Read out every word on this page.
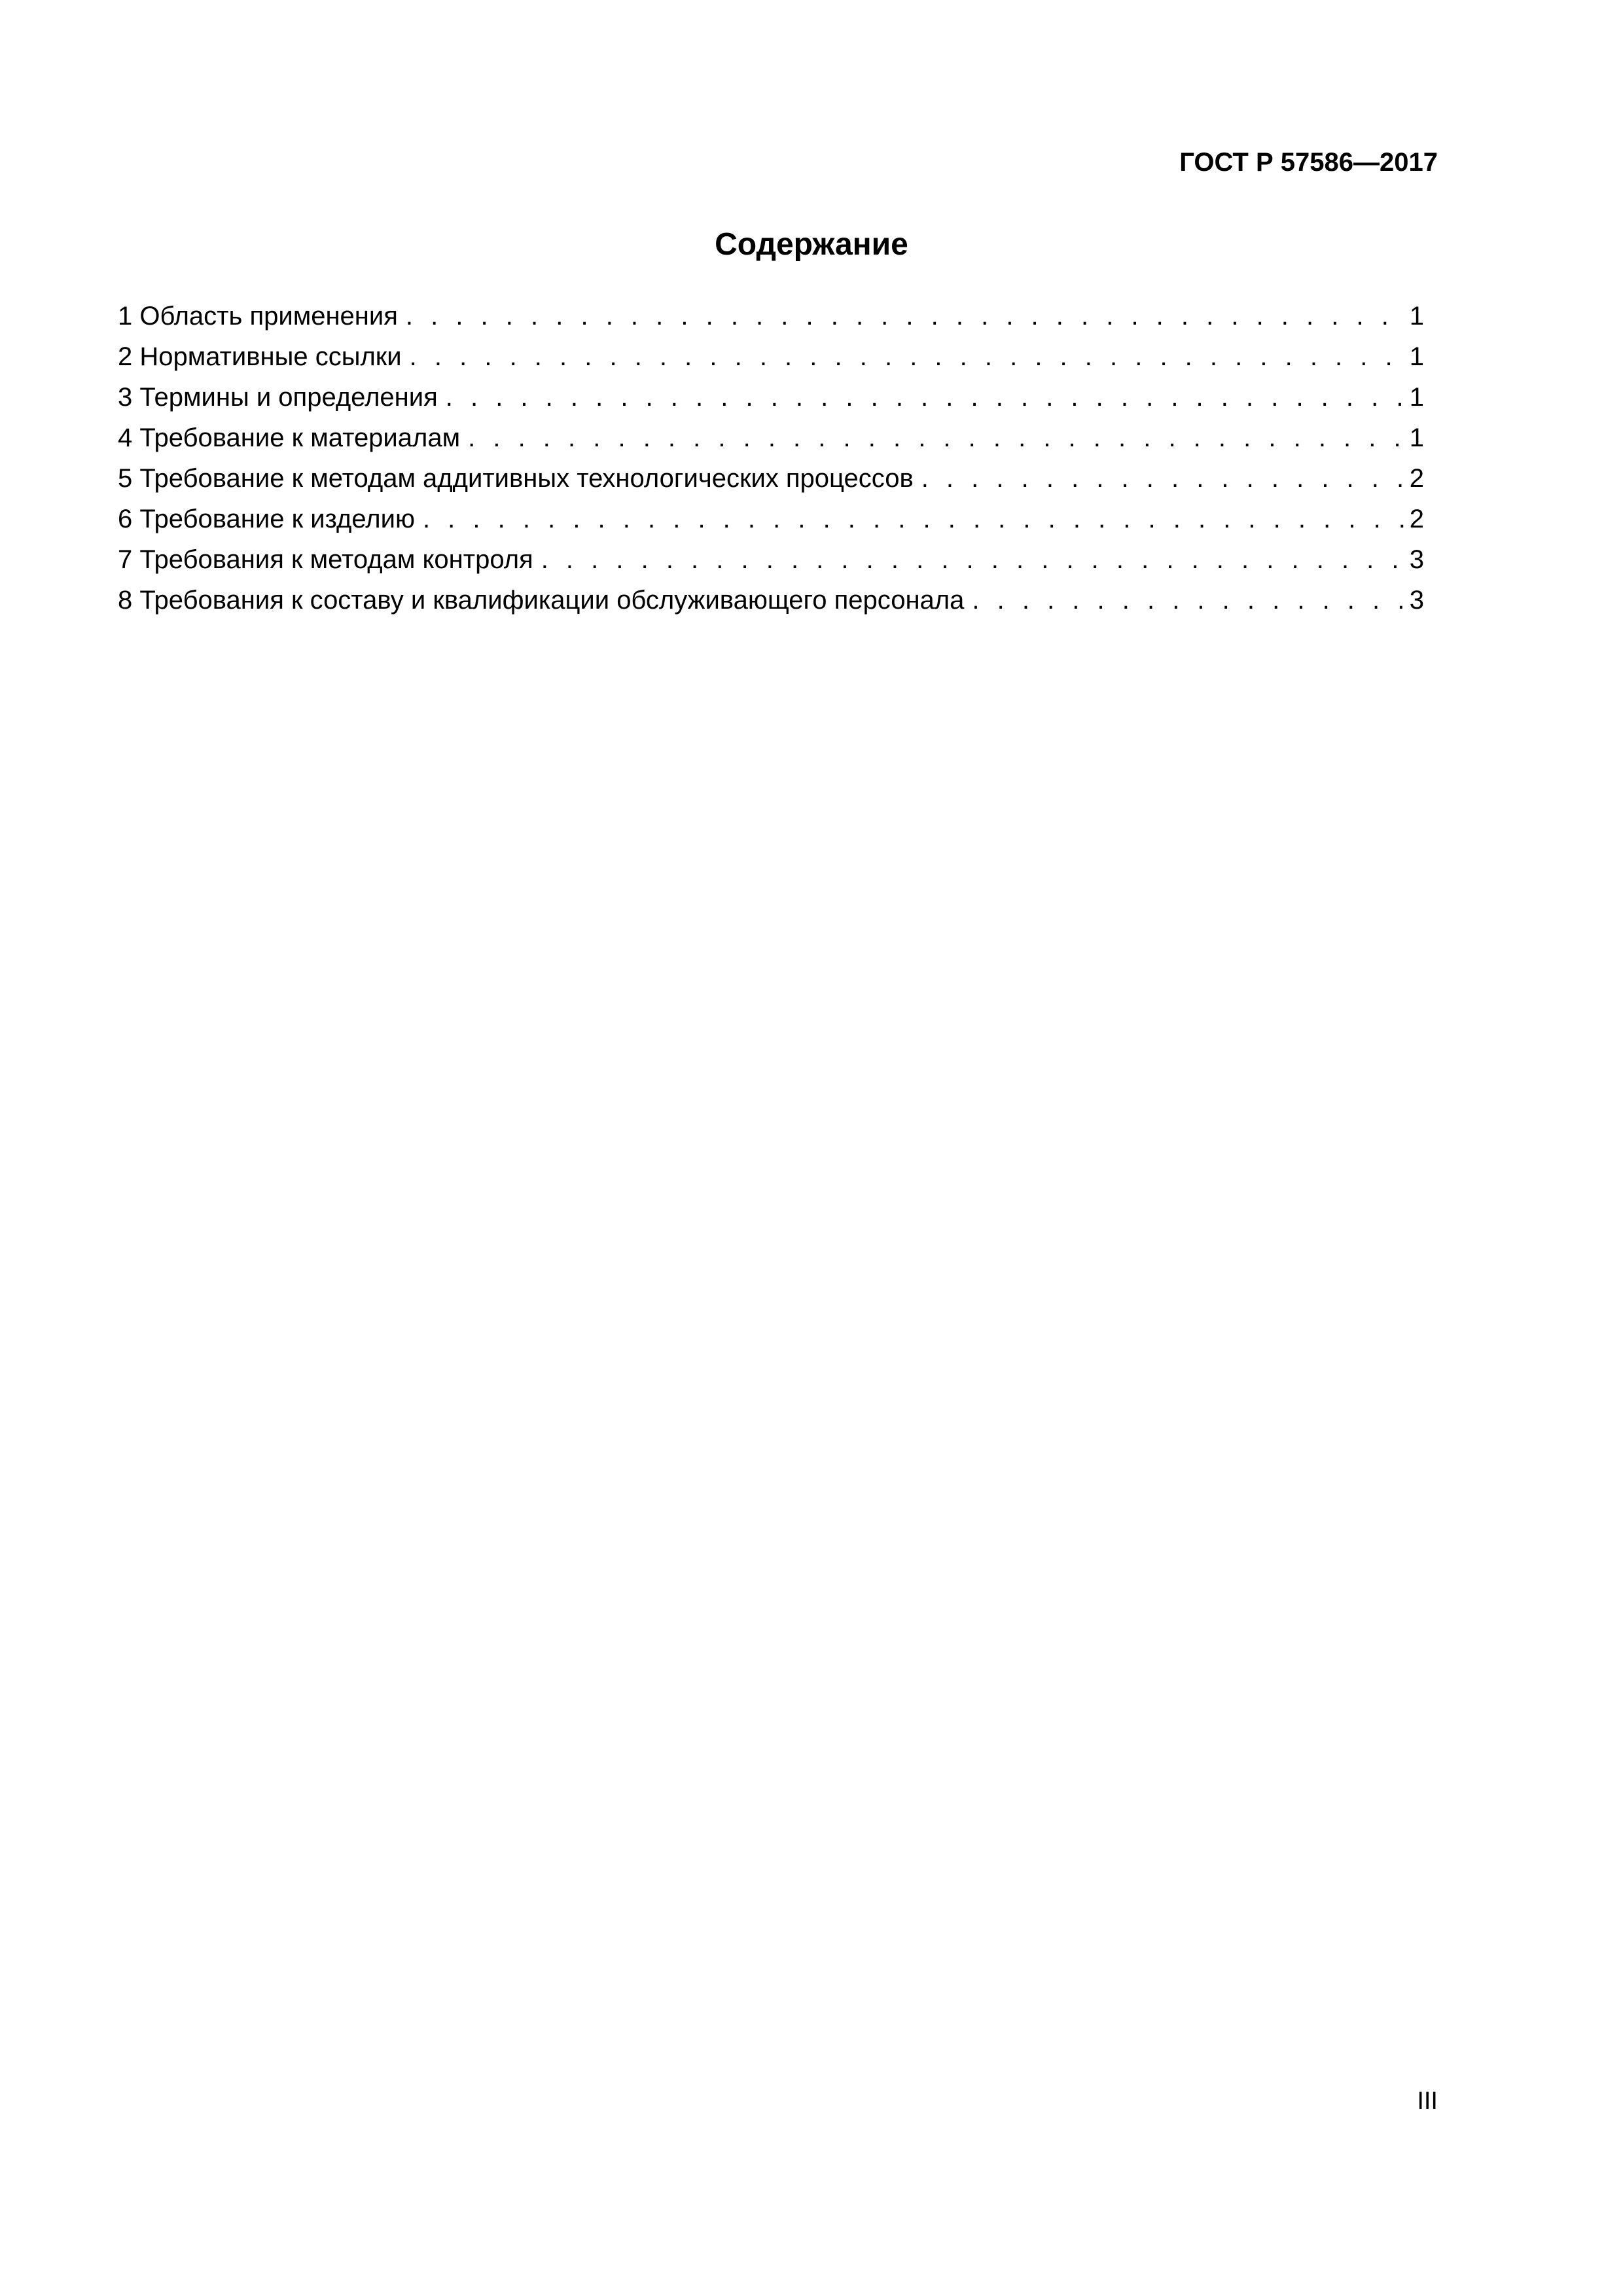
ГОСТ Р 57586—2017
Содержание
1 Область применения . . .	1
2 Нормативные ссылки . . .	1
3 Термины и определения . . .	1
4 Требование к материалам . . .	1
5 Требование к методам аддитивных технологических процессов . . .	2
6 Требование к изделию . . .	2
7 Требования к методам контроля . . .	3
8 Требования к составу и квалификации обслуживающего персонала . . .	3
III
